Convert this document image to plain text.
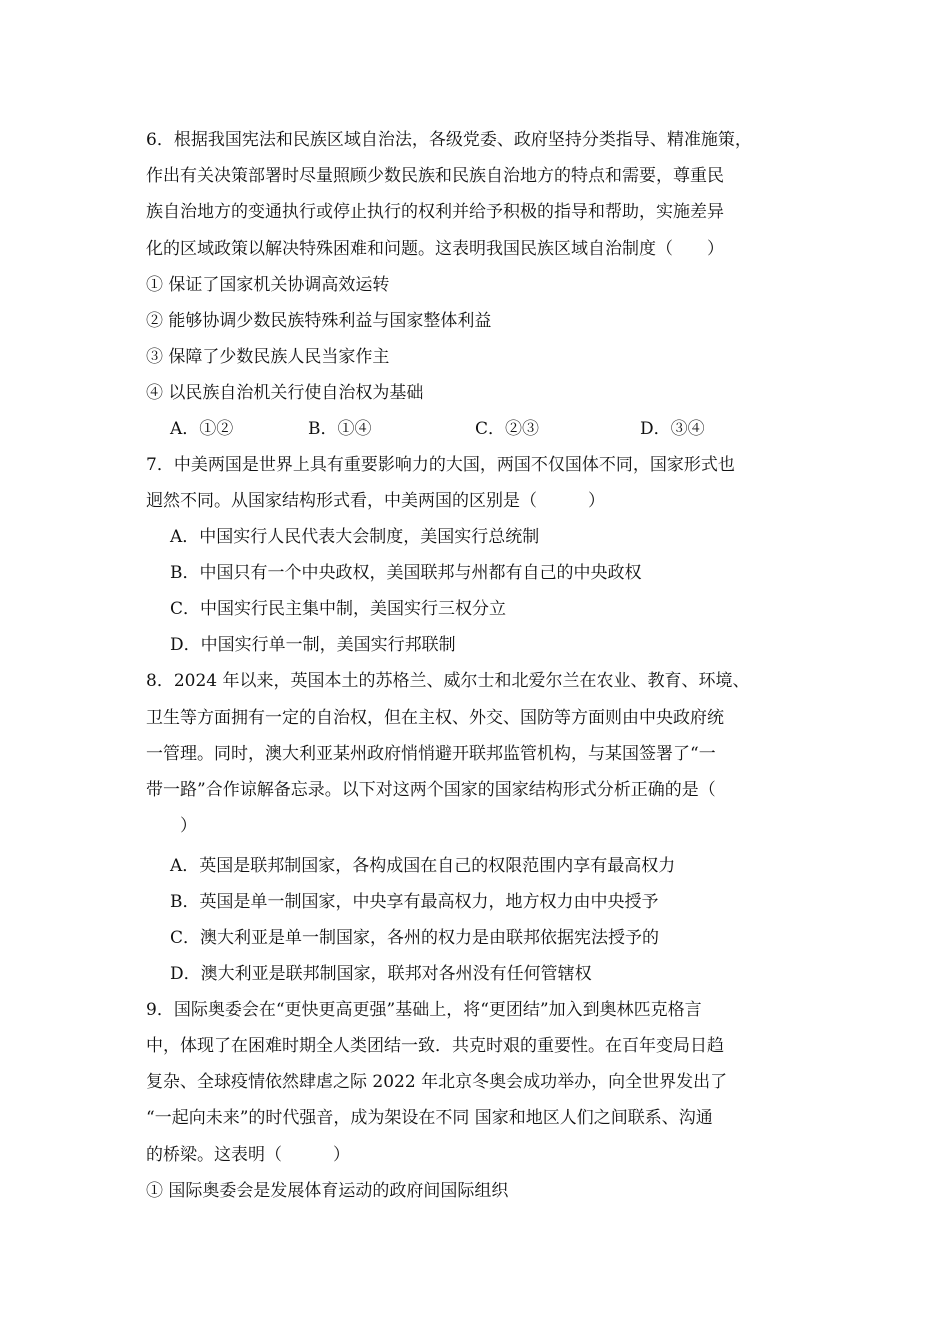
6．根据我国宪法和民族区域自治法，各级党委、政府坚持分类指导、精准施策，
作出有关决策部署时尽量照顾少数民族和民族自治地方的特点和需要，尊重民
族自治地方的变通执行或停止执行的权利并给予积极的指导和帮助，实施差异
化的区域政策以解决特殊困难和问题。这表明我国民族区域自治制度（　　）
① 保证了国家机关协调高效运转
② 能够协调少数民族特殊利益与国家整体利益
③ 保障了少数民族人民当家作主
④ 以民族自治机关行使自治权为基础
A．①②	B．①④	C．②③	D．③④
7．中美两国是世界上具有重要影响力的大国，两国不仅国体不同，国家形式也
迥然不同。从国家结构形式看，中美两国的区别是（　　　）
A．中国实行人民代表大会制度，美国实行总统制
B．中国只有一个中央政权，美国联邦与州都有自己的中央政权
C．中国实行民主集中制，美国实行三权分立
D．中国实行单一制，美国实行邦联制
8．2024 年以来，英国本土的苏格兰、威尔士和北爱尔兰在农业、教育、环境、
卫生等方面拥有一定的自治权，但在主权、外交、国防等方面则由中央政府统
一管理。同时，澳大利亚某州政府悄悄避开联邦监管机构，与某国签署了“一
带一路”合作谅解备忘录。以下对这两个国家的国家结构形式分析正确的是（
　　）
A．英国是联邦制国家，各构成国在自己的权限范围内享有最高权力
B．英国是单一制国家，中央享有最高权力，地方权力由中央授予
C．澳大利亚是单一制国家，各州的权力是由联邦依据宪法授予的
D．澳大利亚是联邦制国家，联邦对各州没有任何管辖权
9．国际奥委会在“更快更高更强”基础上，将“更团结”加入到奥林匹克格言
中，体现了在困难时期全人类团结一致．共克时艰的重要性。在百年变局日趋
复杂、全球疫情依然肆虐之际 2022 年北京冬奥会成功举办，向全世界发出了
“一起向未来”的时代强音，成为架设在不同 国家和地区人们之间联系、沟通
的桥梁。这表明（　　　）
① 国际奥委会是发展体育运动的政府间国际组织
